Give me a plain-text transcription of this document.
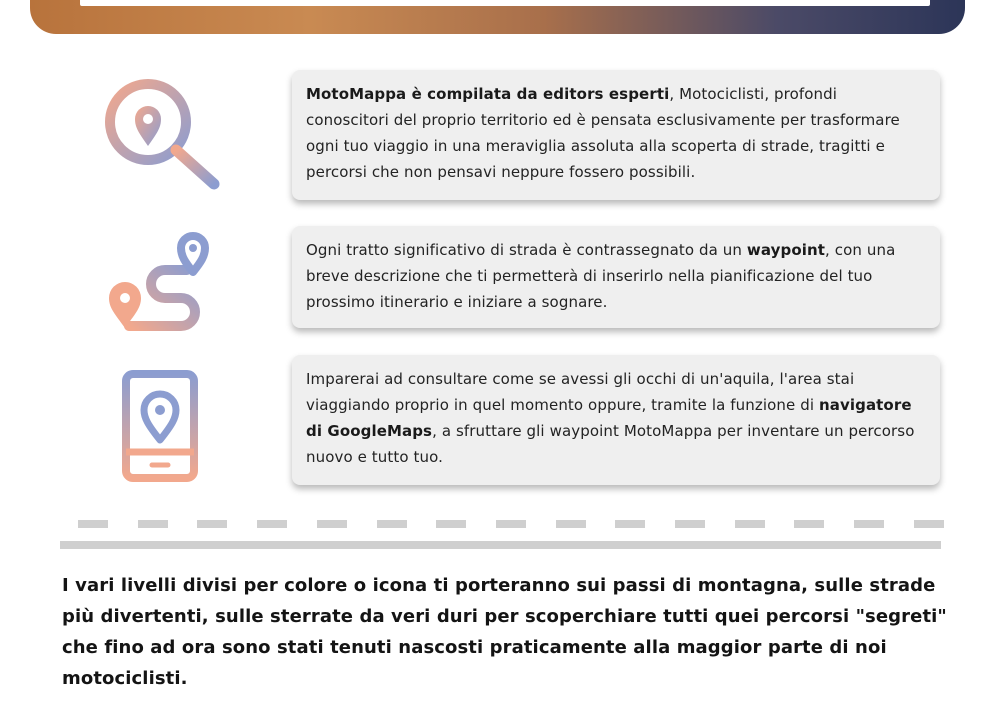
MotoMappa è compilata da editors esperti, Motociclisti, profondi conoscitori del proprio territorio ed è pensata esclusivamente per trasformare ogni tuo viaggio in una meraviglia assoluta alla scoperta di strade, tragitti e percorsi che non pensavi neppure fossero possibili.

Ogni tratto significativo di strada è contrassegnato da un waypoint, con una breve descrizione che ti permetterà di inserirlo nella pianificazione del tuo prossimo itinerario e iniziare a sognare.

Imparerai ad consultare come se avessi gli occhi di un'aquila, l'area stai viaggiando proprio in quel momento oppure, tramite la funzione di navigatore di GoogleMaps, a sfruttare gli waypoint MotoMappa per inventare un percorso nuovo e tutto tuo.

I vari livelli divisi per colore o icona ti porteranno sui passi di montagna, sulle strade più divertenti, sulle sterrate da veri duri per scoperchiare tutti quei percorsi "segreti" che fino ad ora sono stati tenuti nascosti praticamente alla maggior parte di noi motociclisti.
